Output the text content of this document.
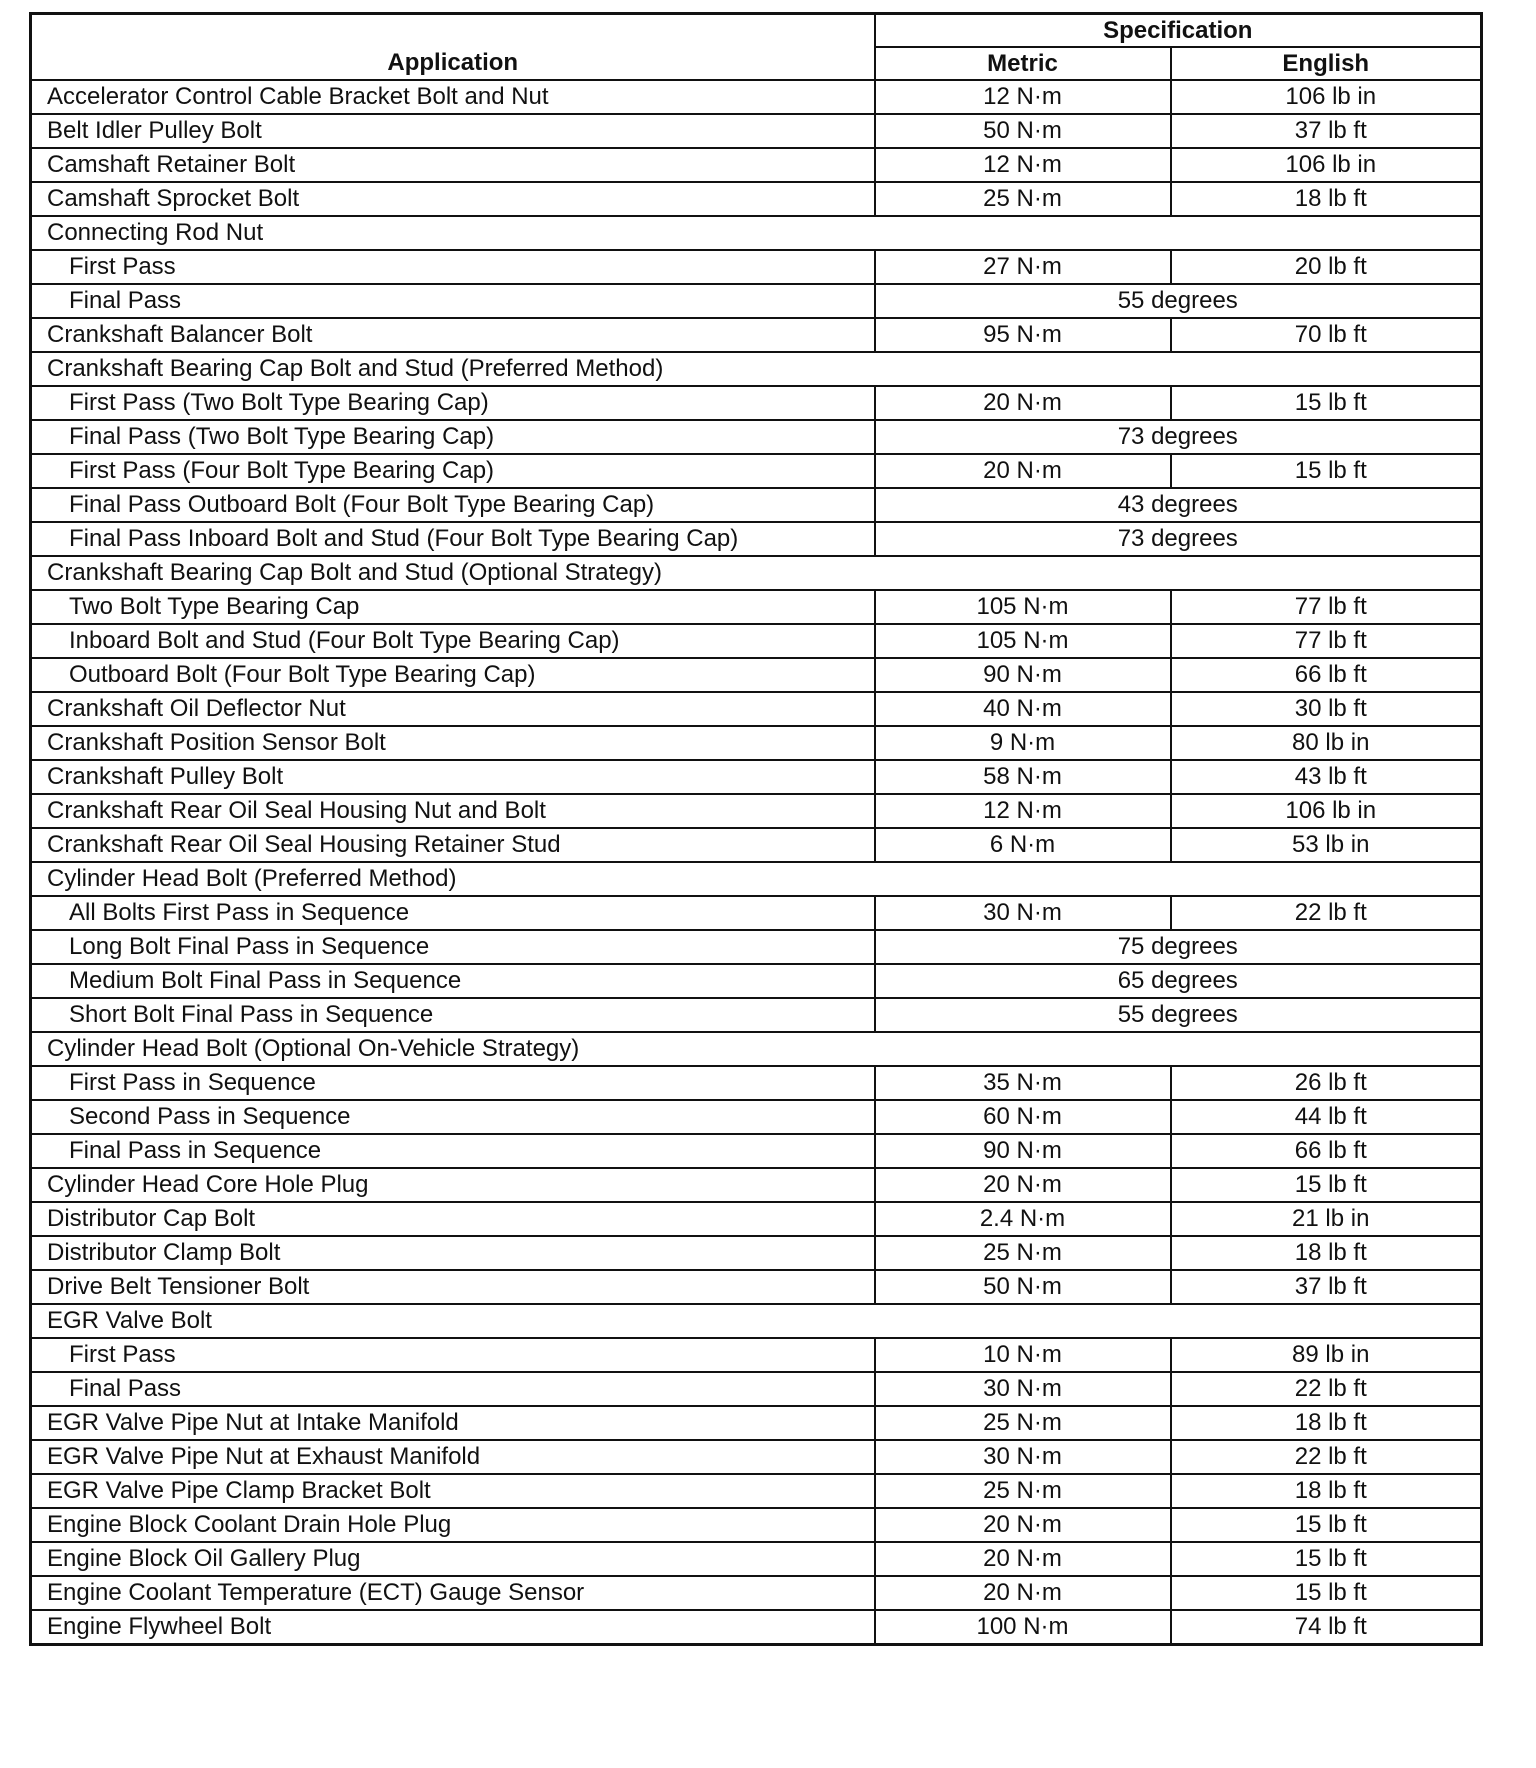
Application	Specification	
	Metric	English
Accelerator Control Cable Bracket Bolt and Nut	12 N·m	106 lb in
Belt Idler Pulley Bolt	50 N·m	37 lb ft
Camshaft Retainer Bolt	12 N·m	106 lb in
Camshaft Sprocket Bolt	25 N·m	18 lb ft
Connecting Rod Nut		
First Pass	27 N·m	20 lb ft
Final Pass	55 degrees	
Crankshaft Balancer Bolt	95 N·m	70 lb ft
Crankshaft Bearing Cap Bolt and Stud (Preferred Method)		
First Pass (Two Bolt Type Bearing Cap)	20 N·m	15 lb ft
Final Pass (Two Bolt Type Bearing Cap)	73 degrees	
First Pass (Four Bolt Type Bearing Cap)	20 N·m	15 lb ft
Final Pass Outboard Bolt (Four Bolt Type Bearing Cap)	43 degrees	
Final Pass Inboard Bolt and Stud (Four Bolt Type Bearing Cap)	73 degrees	
Crankshaft Bearing Cap Bolt and Stud (Optional Strategy)		
Two Bolt Type Bearing Cap	105 N·m	77 lb ft
Inboard Bolt and Stud (Four Bolt Type Bearing Cap)	105 N·m	77 lb ft
Outboard Bolt (Four Bolt Type Bearing Cap)	90 N·m	66 lb ft
Crankshaft Oil Deflector Nut	40 N·m	30 lb ft
Crankshaft Position Sensor Bolt	9 N·m	80 lb in
Crankshaft Pulley Bolt	58 N·m	43 lb ft
Crankshaft Rear Oil Seal Housing Nut and Bolt	12 N·m	106 lb in
Crankshaft Rear Oil Seal Housing Retainer Stud	6 N·m	53 lb in
Cylinder Head Bolt (Preferred Method)		
All Bolts First Pass in Sequence	30 N·m	22 lb ft
Long Bolt Final Pass in Sequence	75 degrees	
Medium Bolt Final Pass in Sequence	65 degrees	
Short Bolt Final Pass in Sequence	55 degrees	
Cylinder Head Bolt (Optional On-Vehicle Strategy)		
First Pass in Sequence	35 N·m	26 lb ft
Second Pass in Sequence	60 N·m	44 lb ft
Final Pass in Sequence	90 N·m	66 lb ft
Cylinder Head Core Hole Plug	20 N·m	15 lb ft
Distributor Cap Bolt	2.4 N·m	21 lb in
Distributor Clamp Bolt	25 N·m	18 lb ft
Drive Belt Tensioner Bolt	50 N·m	37 lb ft
EGR Valve Bolt		
First Pass	10 N·m	89 lb in
Final Pass	30 N·m	22 lb ft
EGR Valve Pipe Nut at Intake Manifold	25 N·m	18 lb ft
EGR Valve Pipe Nut at Exhaust Manifold	30 N·m	22 lb ft
EGR Valve Pipe Clamp Bracket Bolt	25 N·m	18 lb ft
Engine Block Coolant Drain Hole Plug	20 N·m	15 lb ft
Engine Block Oil Gallery Plug	20 N·m	15 lb ft
Engine Coolant Temperature (ECT) Gauge Sensor	20 N·m	15 lb ft
Engine Flywheel Bolt	100 N·m	74 lb ft
